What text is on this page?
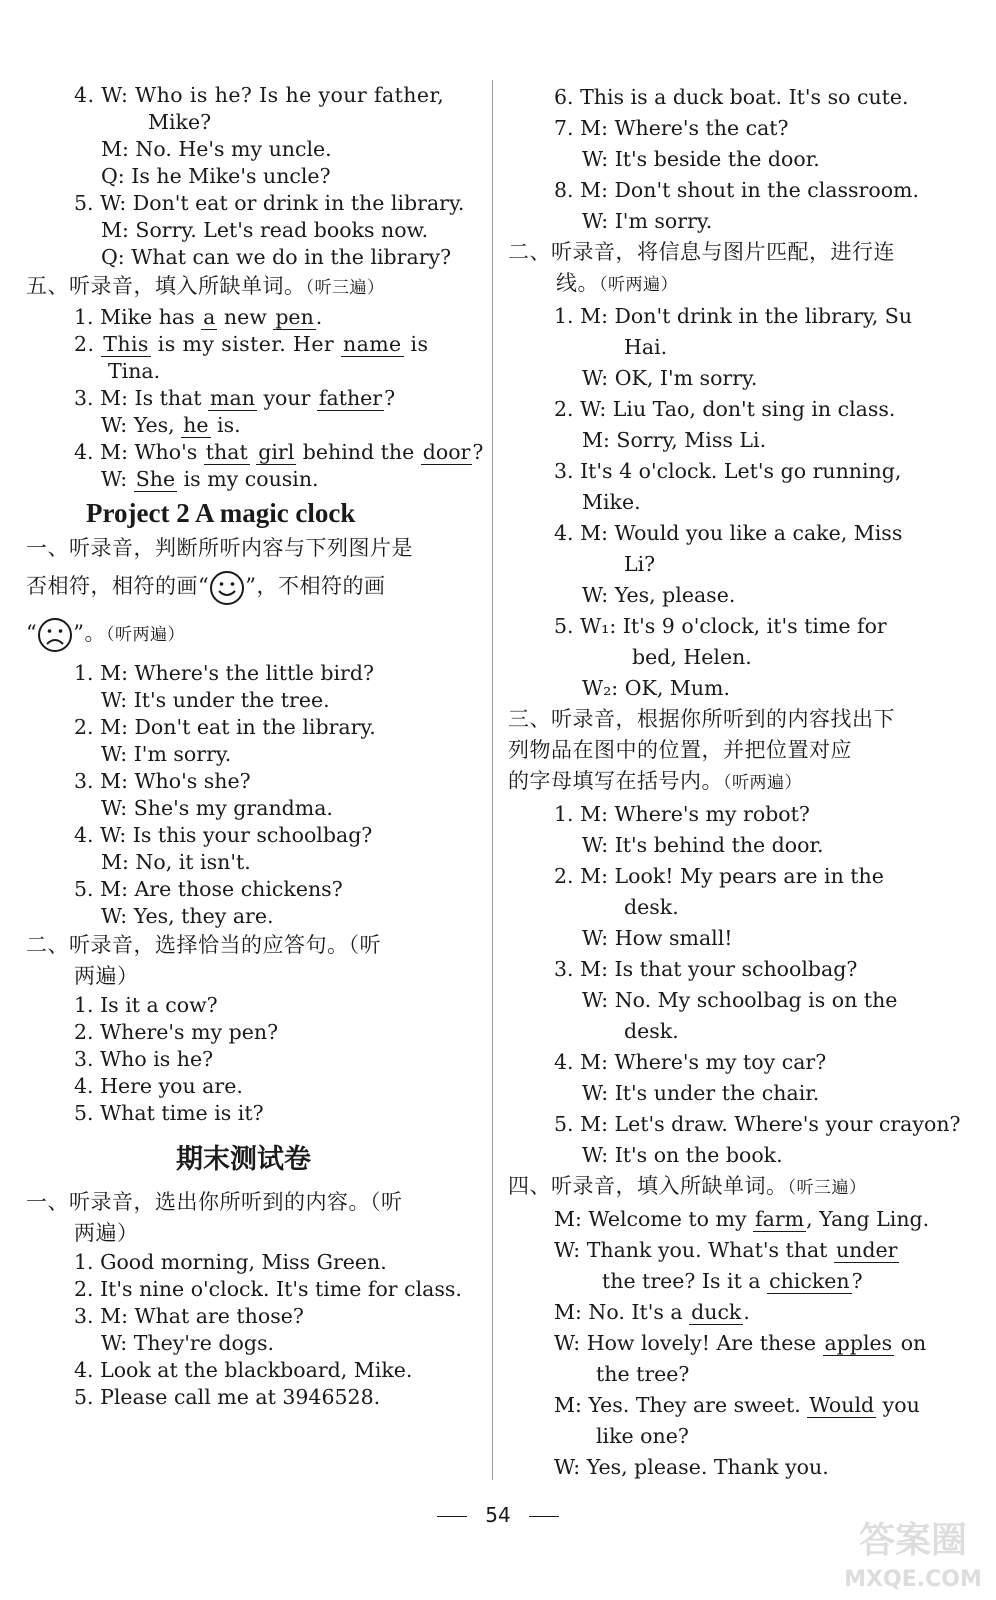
4. W: Who is he? Is he your father,
Mike?
M: No. He's my uncle.
Q: Is he Mike's uncle?
5. W: Don't eat or drink in the library.
M: Sorry. Let's read books now.
Q: What can we do in the library?
五、听录音，填入所缺单词。（听三遍）
1. Mike has a new pen.
2. This is my sister. Her name is
Tina.
3. M: Is that man your father?
W: Yes, he is.
4. M: Who's that girl behind the door?
W: She is my cousin.
Project 2 A magic clock
一、听录音，判断所听内容与下列图片是
否相符，相符的画“ ”，不相符的画
“ ”。（听两遍）
1. M: Where's the little bird?
W: It's under the tree.
2. M: Don't eat in the library.
W: I'm sorry.
3. M: Who's she?
W: She's my grandma.
4. W: Is this your schoolbag?
M: No, it isn't.
5. M: Are those chickens?
W: Yes, they are.
二、听录音，选择恰当的应答句。（听
两遍）
1. Is it a cow?
2. Where's my pen?
3. Who is he?
4. Here you are.
5. What time is it?
期末测试卷
一、听录音，选出你所听到的内容。（听
两遍）
1. Good morning, Miss Green.
2. It's nine o'clock. It's time for class.
3. M: What are those?
W: They're dogs.
4. Look at the blackboard, Mike.
5. Please call me at 3946528.
6. This is a duck boat. It's so cute.
7. M: Where's the cat?
W: It's beside the door.
8. M: Don't shout in the classroom.
W: I'm sorry.
二、听录音，将信息与图片匹配，进行连
线。（听两遍）
1. M: Don't drink in the library, Su
Hai.
W: OK, I'm sorry.
2. W: Liu Tao, don't sing in class.
M: Sorry, Miss Li.
3. It's 4 o'clock. Let's go running,
Mike.
4. M: Would you like a cake, Miss
Li?
W: Yes, please.
5. W₁: It's 9 o'clock, it's time for
bed, Helen.
W₂: OK, Mum.
三、听录音，根据你所听到的内容找出下
列物品在图中的位置，并把位置对应
的字母填写在括号内。（听两遍）
1. M: Where's my robot?
W: It's behind the door.
2. M: Look! My pears are in the
desk.
W: How small!
3. M: Is that your schoolbag?
W: No. My schoolbag is on the
desk.
4. M: Where's my toy car?
W: It's under the chair.
5. M: Let's draw. Where's your crayon?
W: It's on the book.
四、听录音，填入所缺单词。（听三遍）
M: Welcome to my farm, Yang Ling.
W: Thank you. What's that under
the tree? Is it a chicken?
M: No. It's a duck.
W: How lovely! Are these apples on
the tree?
M: Yes. They are sweet. Would you
like one?
W: Yes, please. Thank you.
54
答案圈
MXQE.COM
